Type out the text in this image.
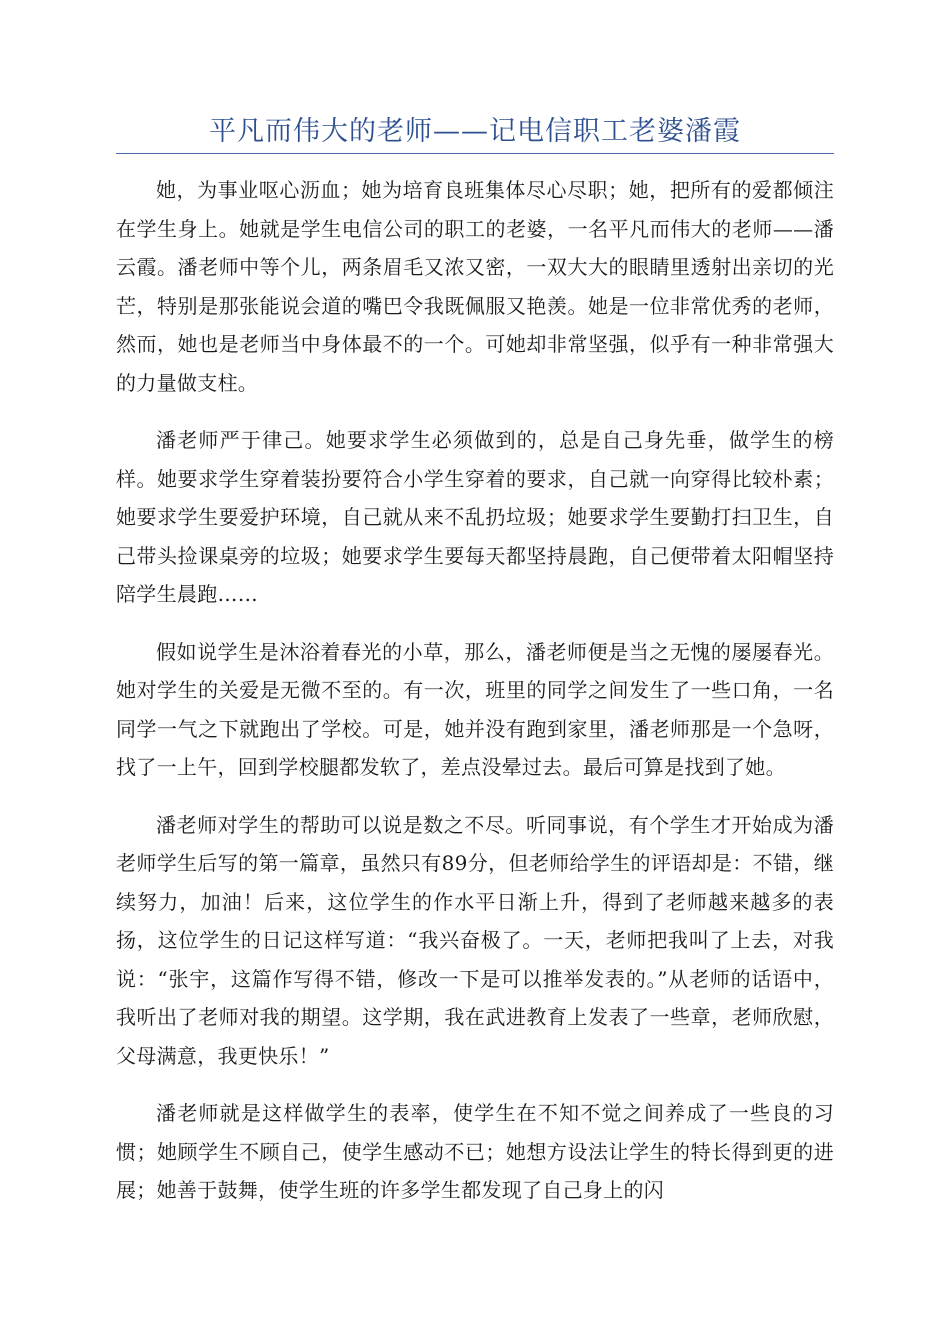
平凡而伟大的老师——记电信职工老婆潘霞

她，为事业呕心沥血；她为培育良班集体尽心尽职；她，把所有的爱都倾注在学生身上。她就是学生电信公司的职工的老婆，一名平凡而伟大的老师——潘云霞。潘老师中等个儿，两条眉毛又浓又密，一双大大的眼睛里透射出亲切的光芒，特别是那张能说会道的嘴巴令我既佩服又艳羡。她是一位非常优秀的老师，然而，她也是老师当中身体最不的一个。可她却非常坚强，似乎有一种非常强大的力量做支柱。

潘老师严于律己。她要求学生必须做到的，总是自己身先垂，做学生的榜样。她要求学生穿着装扮要符合小学生穿着的要求，自己就一向穿得比较朴素；她要求学生要爱护环境，自己就从来不乱扔垃圾；她要求学生要勤打扫卫生，自己带头捡课桌旁的垃圾；她要求学生要每天都坚持晨跑，自己便带着太阳帽坚持陪学生晨跑……

假如说学生是沐浴着春光的小草，那么，潘老师便是当之无愧的屡屡春光。她对学生的关爱是无微不至的。有一次，班里的同学之间发生了一些口角，一名同学一气之下就跑出了学校。可是，她并没有跑到家里，潘老师那是一个急呀，找了一上午，回到学校腿都发软了，差点没晕过去。最后可算是找到了她。

潘老师对学生的帮助可以说是数之不尽。听同事说，有个学生才开始成为潘老师学生后写的第一篇章，虽然只有89分，但老师给学生的评语却是：不错，继续努力，加油！后来，这位学生的作水平日渐上升，得到了老师越来越多的表扬，这位学生的日记这样写道：“我兴奋极了。一天，老师把我叫了上去，对我说：“张宇，这篇作写得不错，修改一下是可以推举发表的。”从老师的话语中，我听出了老师对我的期望。这学期，我在武进教育上发表了一些章，老师欣慰，父母满意，我更快乐！”

潘老师就是这样做学生的表率，使学生在不知不觉之间养成了一些良的习惯；她顾学生不顾自己，使学生感动不已；她想方设法让学生的特长得到更的进展；她善于鼓舞，使学生班的许多学生都发现了自己身上的闪
